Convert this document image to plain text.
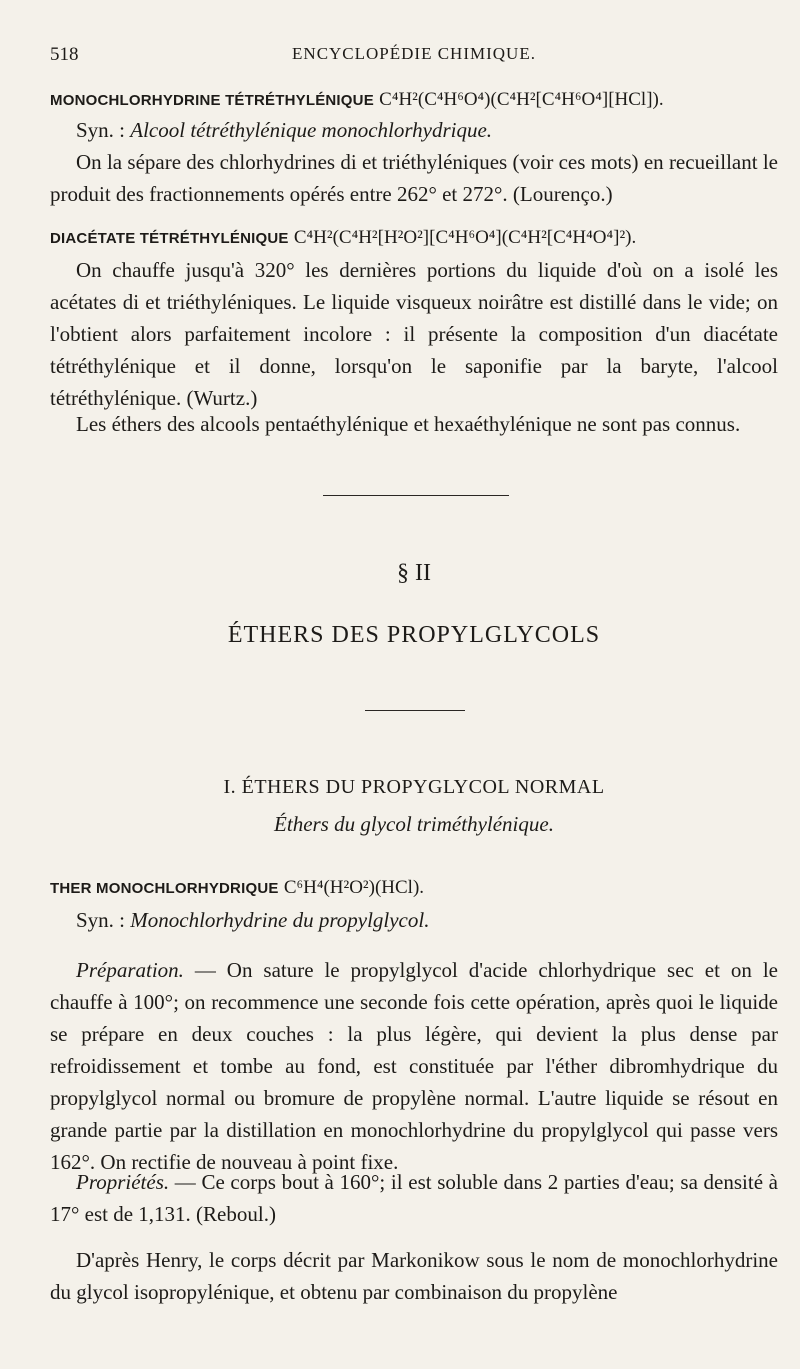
518	ENCYCLOPÉDIE CHIMIQUE.
MONOCHLORHYDRINE TÉTRÉTHYLÉNIQUE C⁴H²(C⁴H⁶O⁴)(C⁴H²[C⁴H⁶O⁴][HCl]).
Syn. : Alcool tétréthylénique monochlorhydrique.
On la sépare des chlorhydrines di et triéthyléniques (voir ces mots) en recueillant le produit des fractionnements opérés entre 262° et 272°. (Lourenço.)
DIACÉTATE TÉTRÉTHYLÉNIQUE C⁴H²(C⁴H²[H²O²][C⁴H⁶O⁴](C⁴H²[C⁴H⁴O⁴]²).
On chauffe jusqu'à 320° les dernières portions du liquide d'où on a isolé les acétates di et triéthyléniques. Le liquide visqueux noirâtre est distillé dans le vide; on l'obtient alors parfaitement incolore : il présente la composition d'un diacétate tétréthylénique et il donne, lorsqu'on le saponifie par la baryte, l'alcool tétréthylénique. (Wurtz.)
Les éthers des alcools pentaéthylénique et hexaéthylénique ne sont pas connus.
§ II
ÉTHERS DES PROPYLGLYCOLS
I. ÉTHERS DU PROPYGLYCOL NORMAL
Éthers du glycol triméthylénique.
THER MONOCHLORHYDRIQUE C⁶H⁴(H²O²)(HCl).
Syn. : Monochlorhydrine du propylglycol.
Préparation. — On sature le propylglycol d'acide chlorhydrique sec et on le chauffe à 100°; on recommence une seconde fois cette opération, après quoi le liquide se prépare en deux couches : la plus légère, qui devient la plus dense par refroidissement et tombe au fond, est constituée par l'éther dibromhydrique du propylglycol normal ou bromure de propylène normal. L'autre liquide se résout en grande partie par la distillation en monochlorhydrine du propylglycol qui passe vers 162°. On rectifie de nouveau à point fixe.
Propriétés. — Ce corps bout à 160°; il est soluble dans 2 parties d'eau; sa densité à 17° est de 1,131. (Reboul.)
D'après Henry, le corps décrit par Markonikow sous le nom de monochlorhydrine du glycol isopropylénique, et obtenu par combinaison du propylène
